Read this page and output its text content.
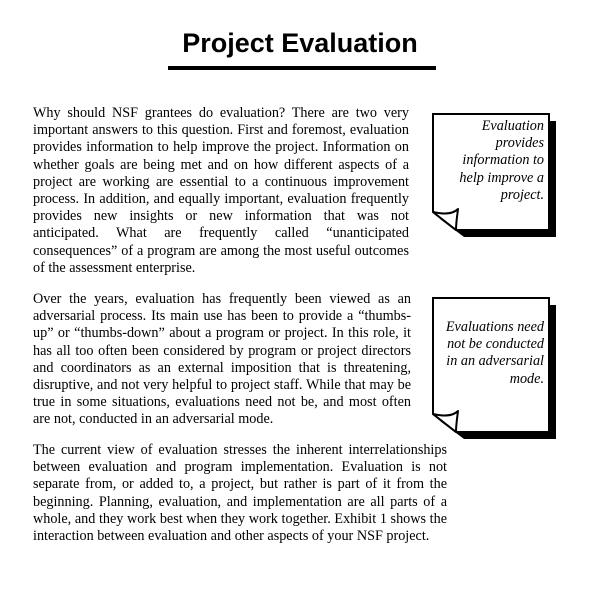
Project Evaluation

Why should NSF grantees do evaluation? There are two very important answers to this question. First and foremost, evaluation provides information to help improve the project. Information on whether goals are being met and on how different aspects of a project are working are essential to a continuous improvement process. In addition, and equally important, evaluation frequently provides new insights or new information that was not anticipated. What are frequently called “unanticipated consequences” of a program are among the most useful outcomes of the assessment enterprise.

Over the years, evaluation has frequently been viewed as an adversarial process. Its main use has been to provide a “thumbs-up” or “thumbs-down” about a program or project. In this role, it has all too often been considered by program or project directors and coordinators as an external imposition that is threatening, disruptive, and not very helpful to project staff. While that may be true in some situations, evaluations need not be, and most often are not, conducted in an adversarial mode.

The current view of evaluation stresses the inherent interrelationships between evaluation and program implementation. Evaluation is not separate from, or added to, a project, but rather is part of it from the beginning. Planning, evaluation, and implementation are all parts of a whole, and they work best when they work together. Exhibit 1 shows the interaction between evaluation and other aspects of your NSF project.

Evaluation provides information to help improve a project.
Evaluations need not be conducted in an adversarial mode.
